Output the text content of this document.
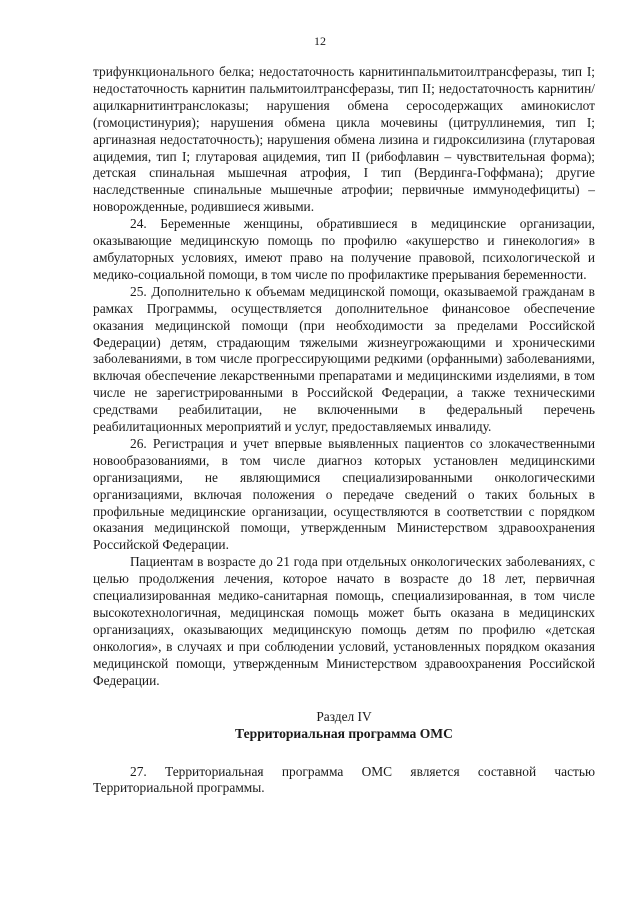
12

трифункционального белка; недостаточность карнитинпальмитоилтрансферазы, тип I; недостаточность карнитин пальмитоилтрансферазы, тип II; недостаточность карнитин/ацилкарнитинтранслоказы; нарушения обмена серосодержащих аминокислот (гомоцистинурия); нарушения обмена цикла мочевины (цитруллинемия, тип I; аргиназная недостаточность); нарушения обмена лизина и гидроксилизина (глутаровая ацидемия, тип I; глутаровая ацидемия, тип II (рибофлавин – чувствительная форма); детская спинальная мышечная атрофия, I тип (Вердинга-Гоффмана); другие наследственные спинальные мышечные атрофии; первичные иммунодефициты) – новорожденные, родившиеся живыми.

24. Беременные женщины, обратившиеся в медицинские организации, оказывающие медицинскую помощь по профилю «акушерство и гинекология» в амбулаторных условиях, имеют право на получение правовой, психологической и медико-социальной помощи, в том числе по профилактике прерывания беременности.

25. Дополнительно к объемам медицинской помощи, оказываемой гражданам в рамках Программы, осуществляется дополнительное финансовое обеспечение оказания медицинской помощи (при необходимости за пределами Российской Федерации) детям, страдающим тяжелыми жизнеугрожающими и хроническими заболеваниями, в том числе прогрессирующими редкими (орфанными) заболеваниями, включая обеспечение лекарственными препаратами и медицинскими изделиями, в том числе не зарегистрированными в Российской Федерации, а также техническими средствами реабилитации, не включенными в федеральный перечень реабилитационных мероприятий и услуг, предоставляемых инвалиду.

26. Регистрация и учет впервые выявленных пациентов со злокачественными новообразованиями, в том числе диагноз которых установлен медицинскими организациями, не являющимися специализированными онкологическими организациями, включая положения о передаче сведений о таких больных в профильные медицинские организации, осуществляются в соответствии с порядком оказания медицинской помощи, утвержденным Министерством здравоохранения Российской Федерации.

Пациентам в возрасте до 21 года при отдельных онкологических заболеваниях, с целью продолжения лечения, которое начато в возрасте до 18 лет, первичная специализированная медико-санитарная помощь, специализированная, в том числе высокотехнологичная, медицинская помощь может быть оказана в медицинских организациях, оказывающих медицинскую помощь детям по профилю «детская онкология», в случаях и при соблюдении условий, установленных порядком оказания медицинской помощи, утвержденным Министерством здравоохранения Российской Федерации.

Раздел IV
Территориальная программа ОМС

27. Территориальная программа ОМС является составной частью Территориальной программы.
